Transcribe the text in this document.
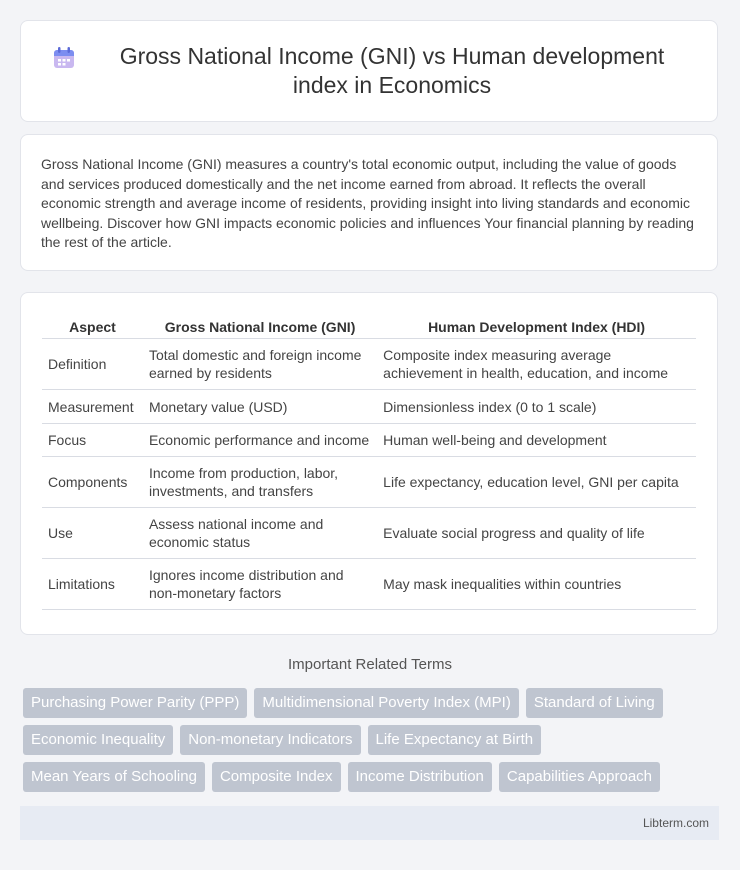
Gross National Income (GNI) vs Human development index in Economics

Gross National Income (GNI) measures a country's total economic output, including the value of goods and services produced domestically and the net income earned from abroad. It reflects the overall economic strength and average income of residents, providing insight into living standards and economic wellbeing. Discover how GNI impacts economic policies and influences Your financial planning by reading the rest of the article.

Aspect	Gross National Income (GNI)	Human Development Index (HDI)
Definition	Total domestic and foreign income earned by residents	Composite index measuring average achievement in health, education, and income
Measurement	Monetary value (USD)	Dimensionless index (0 to 1 scale)
Focus	Economic performance and income	Human well-being and development
Components	Income from production, labor, investments, and transfers	Life expectancy, education level, GNI per capita
Use	Assess national income and economic status	Evaluate social progress and quality of life
Limitations	Ignores income distribution and non-monetary factors	May mask inequalities within countries
Important Related Terms
Purchasing Power Parity (PPP)	Multidimensional Poverty Index (MPI)	Standard of Living
Economic Inequality	Non-monetary Indicators	Life Expectancy at Birth
Mean Years of Schooling	Composite Index	Income Distribution	Capabilities Approach
Libterm.com
